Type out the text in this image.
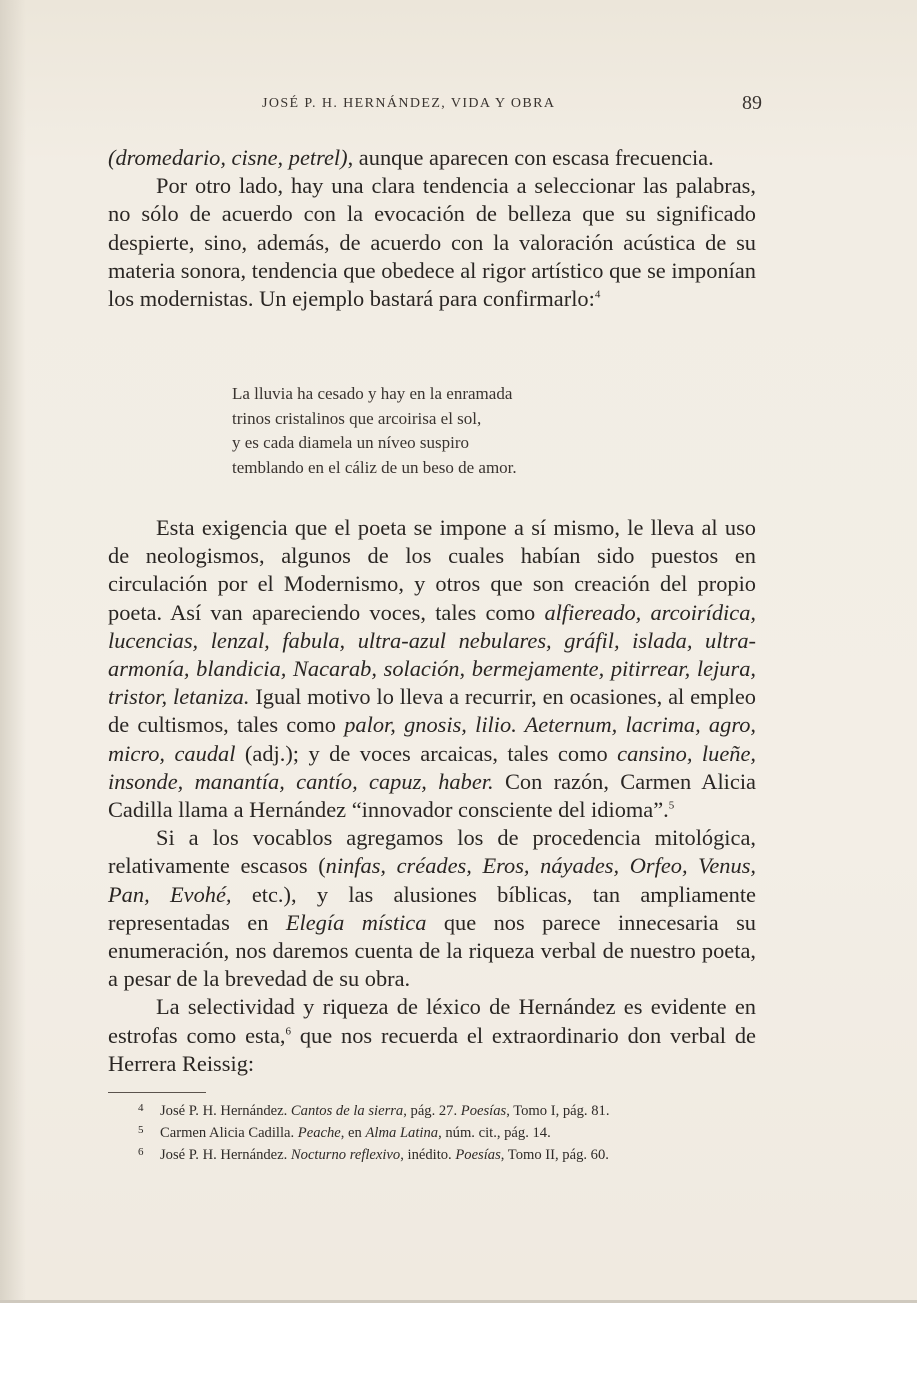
JOSÉ P. H. HERNÁNDEZ, VIDA Y OBRA	89

(dromedario, cisne, petrel), aunque aparecen con escasa frecuencia.

Por otro lado, hay una clara tendencia a seleccionar las palabras, no sólo de acuerdo con la evocación de belleza que su significado despierte, sino, además, de acuerdo con la valoración acústica de su materia sonora, tendencia que obedece al rigor artístico que se imponían los modernistas. Un ejemplo bastará para confirmarlo:$^4$

La lluvia ha cesado y hay en la enramada
trinos cristalinos que arcoirisa el sol,
y es cada diamela un níveo suspiro
temblando en el cáliz de un beso de amor.

Esta exigencia que el poeta se impone a sí mismo, le lleva al uso de neologismos, algunos de los cuales habían sido puestos en circulación por el Modernismo, y otros que son creación del propio poeta. Así van apareciendo voces, tales como alfiereado, arcoirídica, lucencias, lenzal, fabula, ultra-azul nebulares, gráfil, islada, ultra-armonía, blandicia, Nacarab, solación, bermejamente, pitirrear, lejura, tristor, letaniza. Igual motivo lo lleva a recurrir, en ocasiones, al empleo de cultismos, tales como palor, gnosis, lilio. Aeternum, lacrima, agro, micro, caudal (adj.); y de voces arcaicas, tales como cansino, lueñe, insonde, manantía, cantío, capuz, haber. Con razón, Carmen Alicia Cadilla llama a Hernández “innovador consciente del idioma”.$^5$

Si a los vocablos agregamos los de procedencia mitológica, relativamente escasos (ninfas, créades, Eros, náyades, Orfeo, Venus, Pan, Evohé, etc.), y las alusiones bíblicas, tan ampliamente representadas en Elegía mística que nos parece innecesaria su enumeración, nos daremos cuenta de la riqueza verbal de nuestro poeta, a pesar de la brevedad de su obra.

La selectividad y riqueza de léxico de Hernández es evidente en estrofas como esta,$^6$ que nos recuerda el extraordinario don verbal de Herrera Reissig:

4 José P. H. Hernández. Cantos de la sierra, pág. 27. Poesías, Tomo I, pág. 81.
5 Carmen Alicia Cadilla. Peache, en Alma Latina, núm. cit., pág. 14.
6 José P. H. Hernández. Nocturno reflexivo, inédito. Poesías, Tomo II, pág. 60.
